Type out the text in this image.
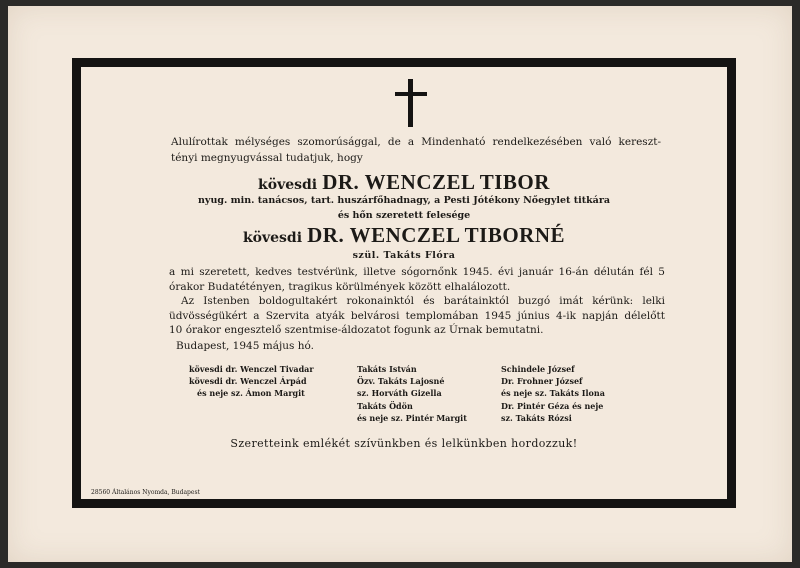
Alulírottak mélységes szomorúsággal, de a Mindenható rendelkezésében való kereszt-
tényi megnyugvással tudatjuk, hogy
kövesdi DR. WENCZEL TIBOR
nyug. min. tanácsos, tart. huszárfőhadnagy, a Pesti Jótékony Nőegylet titkára
és hőn szeretett felesége
kövesdi DR. WENCZEL TIBORNÉ
szül. Takáts Flóra
a mi szeretett, kedves testvérünk, illetve sógornőnk 1945. évi január 16-án délután fél 5
órakor Budatétényen, tragikus körülmények között elhalálozott.
Az Istenben boldogultakért rokonainktól és barátainktól buzgó imát kérünk: lelki
üdvösségükért a Szervita atyák belvárosi templomában 1945 június 4-ik napján délelőtt
10 órakor engesztelő szentmise-áldozatot fogunk az Úrnak bemutatni.
Budapest, 1945 május hó.
kövesdi dr. Wenczel Tivadar
kövesdi dr. Wenczel Árpád
és neje sz. Ámon Margit
Takáts István
Özv. Takáts Lajosné
sz. Horváth Gizella
Takáts Ödön
és neje sz. Pintér Margit
Schindele József
Dr. Frohner József
és neje sz. Takáts Ilona
Dr. Pintér Géza és neje
sz. Takáts Rózsi
Szeretteink emlékét szívünkben és lelkünkben hordozzuk!
28560 Általános Nyomda, Budapest
